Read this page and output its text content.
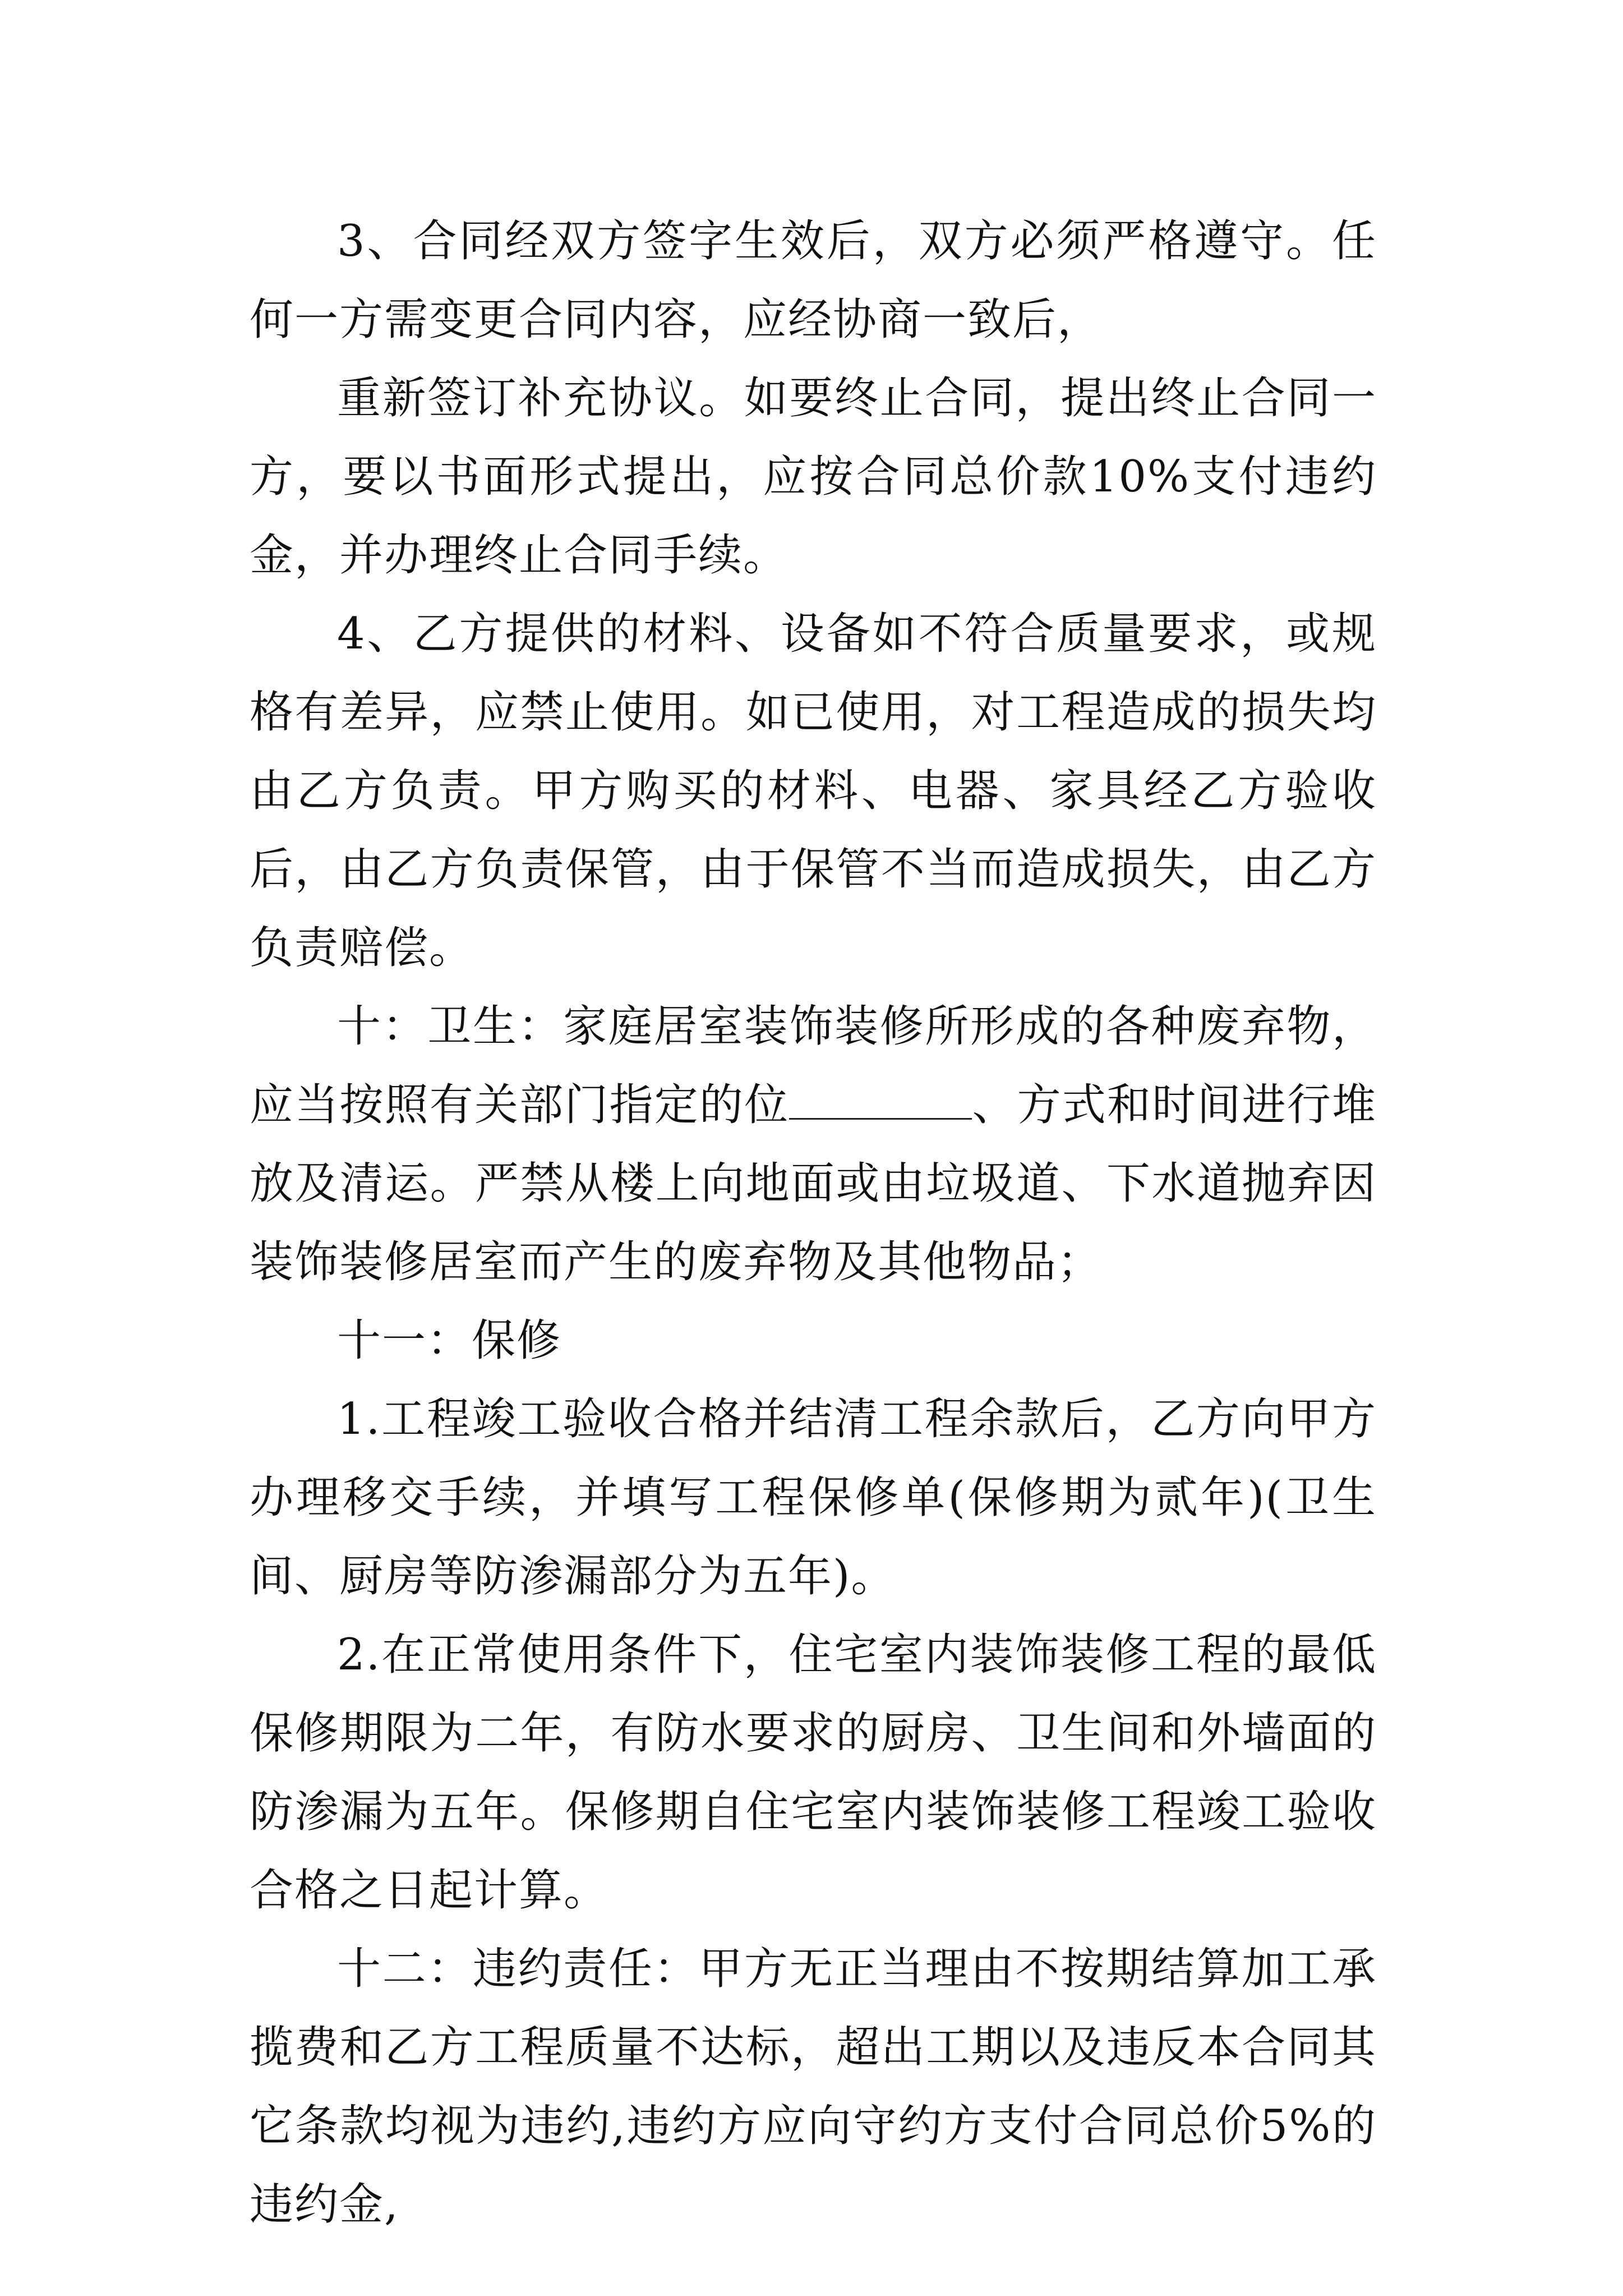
3、合同经双方签字生效后，双方必须严格遵守。任何一方需变更合同内容，应经协商一致后，

重新签订补充协议。如要终止合同，提出终止合同一方，要以书面形式提出，应按合同总价款10%支付违约金，并办理终止合同手续。

4、乙方提供的材料、设备如不符合质量要求，或规格有差异，应禁止使用。如已使用，对工程造成的损失均由乙方负责。甲方购买的材料、电器、家具经乙方验收后，由乙方负责保管，由于保管不当而造成损失，由乙方负责赔偿。

十：卫生：家庭居室装饰装修所形成的各种废弃物，应当按照有关部门指定的位	、方式和时间进行堆放及清运。严禁从楼上向地面或由垃圾道、下水道抛弃因装饰装修居室而产生的废弃物及其他物品；

十一：保修

1.工程竣工验收合格并结清工程余款后，乙方向甲方办理移交手续，并填写工程保修单(保修期为贰年)(卫生间、厨房等防渗漏部分为五年)。

2.在正常使用条件下，住宅室内装饰装修工程的最低保修期限为二年，有防水要求的厨房、卫生间和外墙面的防渗漏为五年。保修期自住宅室内装饰装修工程竣工验收合格之日起计算。

十二：违约责任：甲方无正当理由不按期结算加工承揽费和乙方工程质量不达标，超出工期以及违反本合同其它条款均视为违约,违约方应向守约方支付合同总价5%的违约金,
